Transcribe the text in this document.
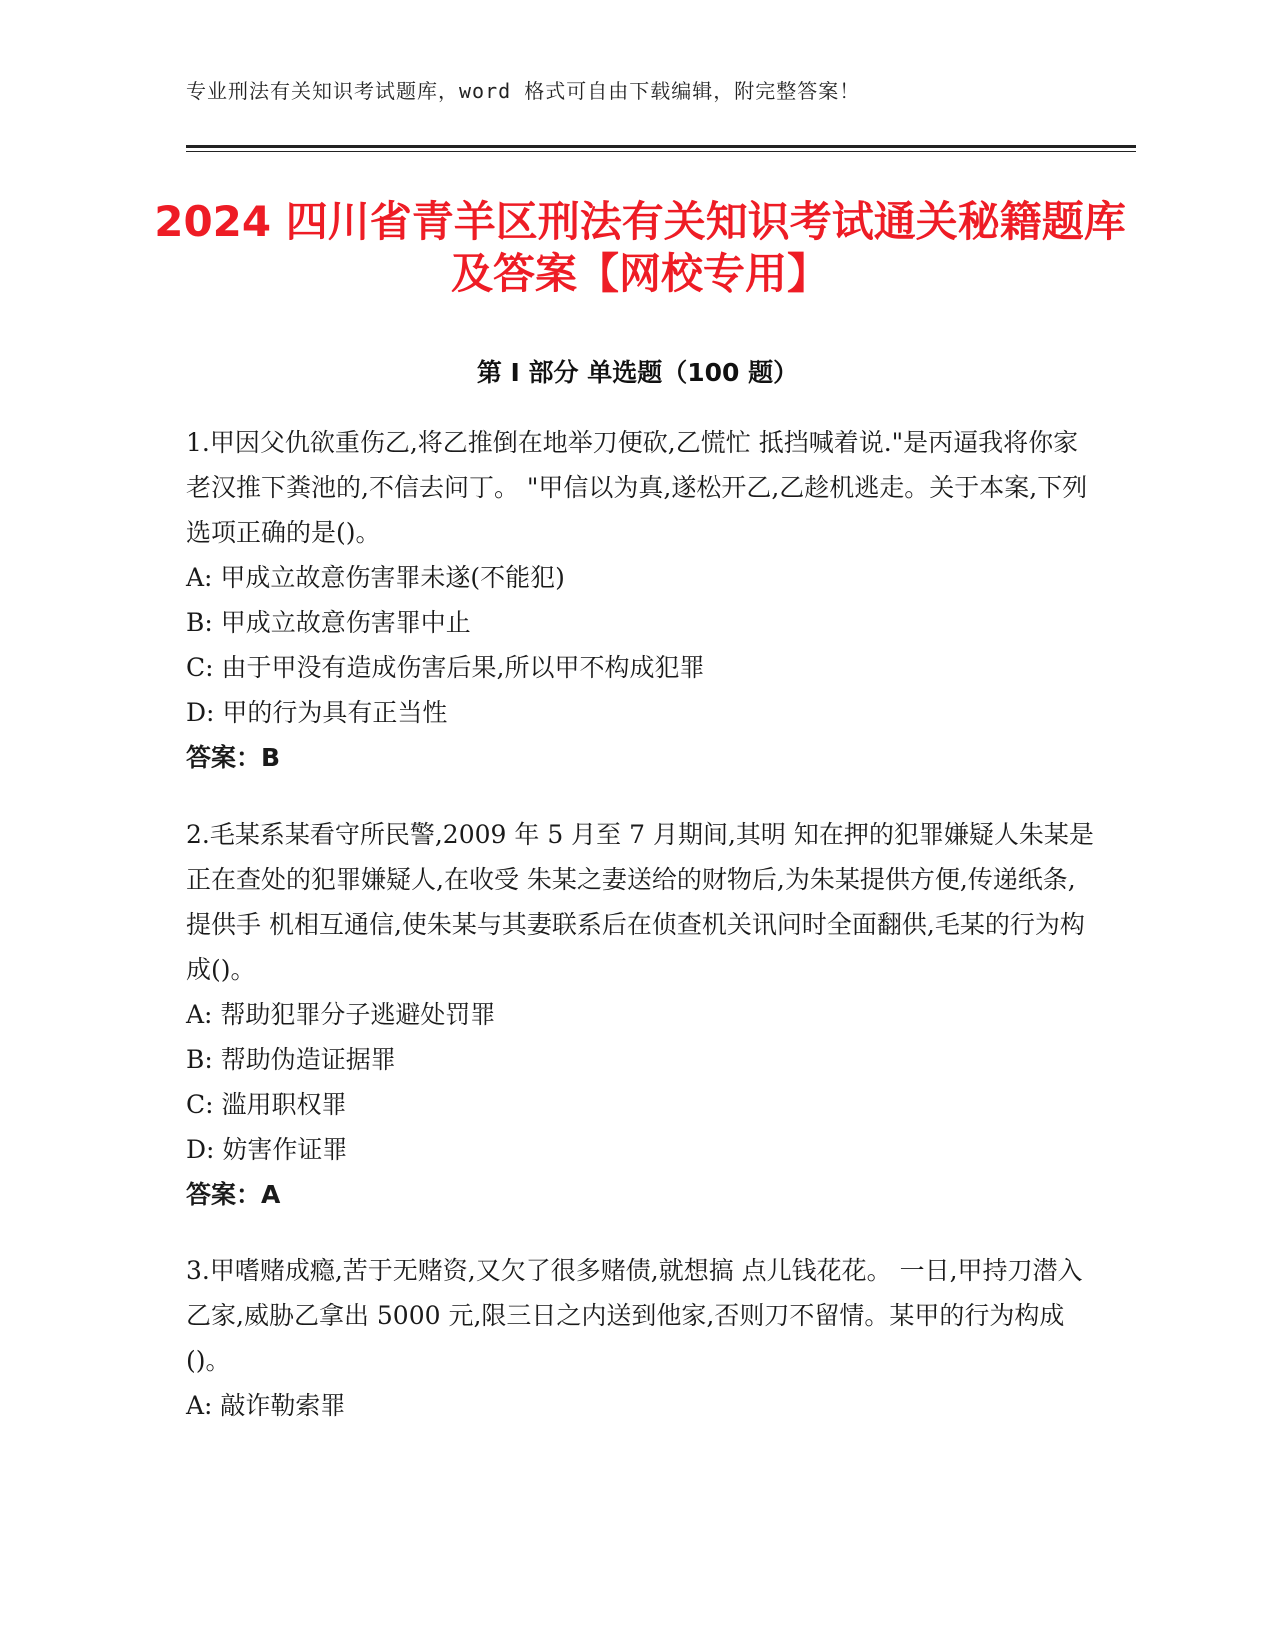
专业刑法有关知识考试题库，word 格式可自由下载编辑，附完整答案！
2024 四川省青羊区刑法有关知识考试通关秘籍题库及答案【网校专用】
第 I 部分 单选题（100 题）

1.甲因父仇欲重伤乙,将乙推倒在地举刀便砍,乙慌忙 抵挡喊着说."是丙逼我将你家老汉推下粪池的,不信去问丁。 "甲信以为真,遂松开乙,乙趁机逃走。关于本案,下列选项正确的是()。

A: 甲成立故意伤害罪未遂(不能犯)

B: 甲成立故意伤害罪中止

C: 由于甲没有造成伤害后果,所以甲不构成犯罪

D: 甲的行为具有正当性

答案：B

2.毛某系某看守所民警,2009 年 5 月至 7 月期间,其明 知在押的犯罪嫌疑人朱某是正在查处的犯罪嫌疑人,在收受 朱某之妻送给的财物后,为朱某提供方便,传递纸条,提供手 机相互通信,使朱某与其妻联系后在侦查机关讯问时全面翻供,毛某的行为构成()。

A: 帮助犯罪分子逃避处罚罪

B: 帮助伪造证据罪

C: 滥用职权罪

D: 妨害作证罪

答案：A

3.甲嗜赌成瘾,苦于无赌资,又欠了很多赌债,就想搞 点儿钱花花。 一日,甲持刀潜入乙家,威胁乙拿出 5000 元,限三日之内送到他家,否则刀不留情。某甲的行为构成()。

A: 敲诈勒索罪
